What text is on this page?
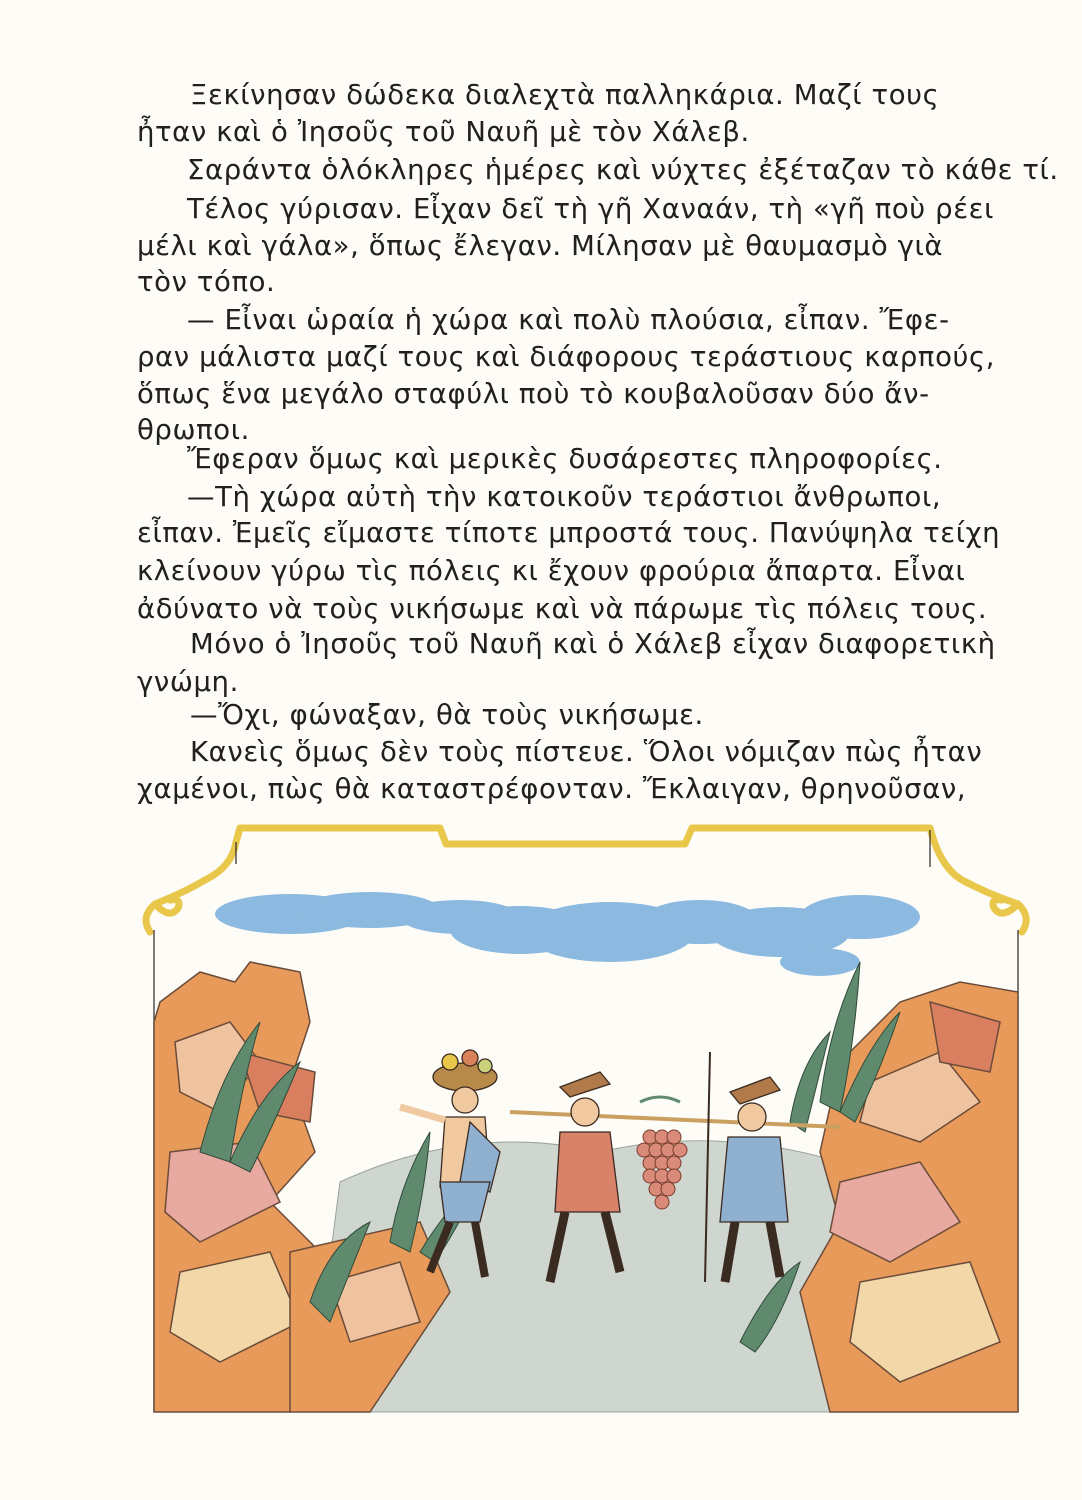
Ξεκίνησαν δώδεκα διαλεχτὰ παλληκάρια. Μαζί τους
ἦταν καὶ ὁ Ἰησοῦς τοῦ Ναυῆ μὲ τὸν Χάλεβ.
Σαράντα ὁλόκληρες ἡμέρες καὶ νύχτες ἐξέταζαν τὸ κάθε τί.
Τέλος γύρισαν. Εἶχαν δεῖ τὴ γῆ Χαναάν, τὴ «γῆ ποὺ ρέει
μέλι καὶ γάλα», ὅπως ἔλεγαν. Μίλησαν μὲ θαυμασμὸ γιὰ
τὸν τόπο.
— Εἶναι ὡραία ἡ χώρα καὶ πολὺ πλούσια, εἶπαν. Ἔφε-
ραν μάλιστα μαζί τους καὶ διάφορους τεράστιους καρπούς,
ὅπως ἕνα μεγάλο σταφύλι ποὺ τὸ κουβαλοῦσαν δύο ἄν-
θρωποι.
Ἔφεραν ὅμως καὶ μερικὲς δυσάρεστες πληροφορίες.
—Τὴ χώρα αὐτὴ τὴν κατοικοῦν τεράστιοι ἄνθρωποι,
εἶπαν. Ἐμεῖς εἴμαστε τίποτε μπροστά τους. Πανύψηλα τείχη
κλείνουν γύρω τὶς πόλεις κι ἔχουν φρούρια ἄπαρτα. Εἶναι
ἀδύνατο νὰ τοὺς νικήσωμε καὶ νὰ πάρωμε τὶς πόλεις τους.
Μόνο ὁ Ἰησοῦς τοῦ Ναυῆ καὶ ὁ Χάλεβ εἶχαν διαφορετικὴ
γνώμη.
—Ὄχι, φώναξαν, θὰ τοὺς νικήσωμε.
Κανεὶς ὅμως δὲν τοὺς πίστευε. Ὅλοι νόμιζαν πὼς ἦταν
χαμένοι, πὼς θὰ καταστρέφονταν. Ἔκλαιγαν, θρηνοῦσαν,
